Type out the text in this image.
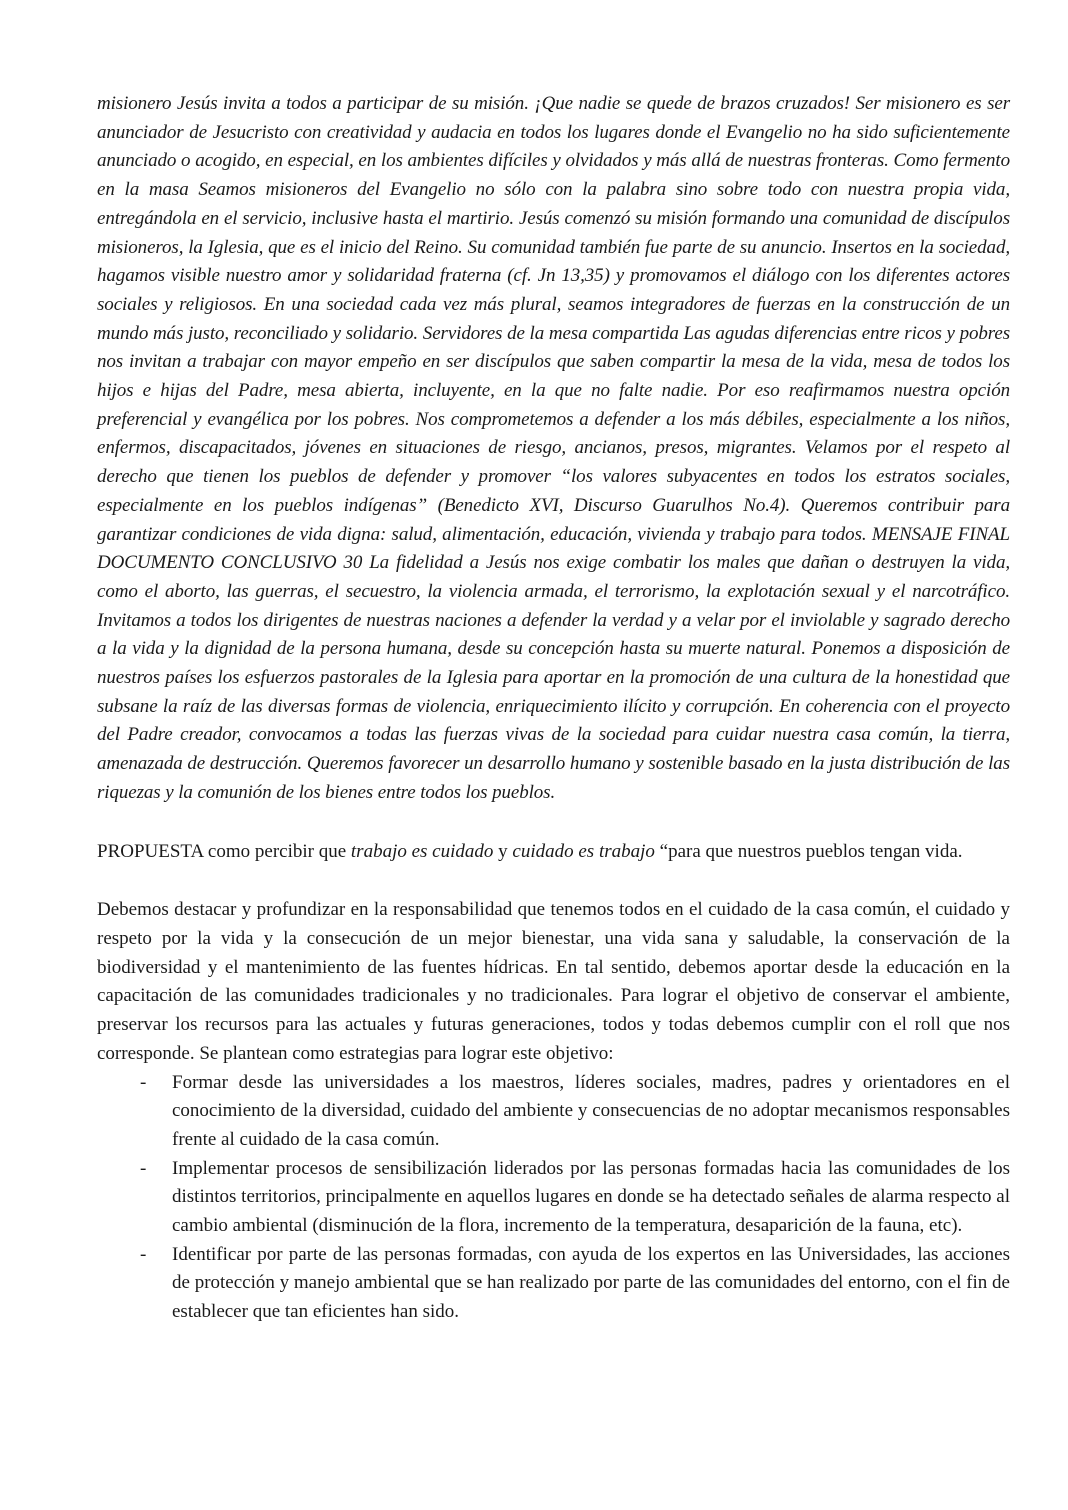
misionero Jesús invita a todos a participar de su misión. ¡Que nadie se quede de brazos cruzados! Ser misionero es ser anunciador de Jesucristo con creatividad y audacia en todos los lugares donde el Evangelio no ha sido suficientemente anunciado o acogido, en especial, en los ambientes difíciles y olvidados y más allá de nuestras fronteras. Como fermento en la masa Seamos misioneros del Evangelio no sólo con la palabra sino sobre todo con nuestra propia vida, entregándola en el servicio, inclusive hasta el martirio. Jesús comenzó su misión formando una comunidad de discípulos misioneros, la Iglesia, que es el inicio del Reino. Su comunidad también fue parte de su anuncio. Insertos en la sociedad, hagamos visible nuestro amor y solidaridad fraterna (cf. Jn 13,35) y promovamos el diálogo con los diferentes actores sociales y religiosos. En una sociedad cada vez más plural, seamos integradores de fuerzas en la construcción de un mundo más justo, reconciliado y solidario. Servidores de la mesa compartida Las agudas diferencias entre ricos y pobres nos invitan a trabajar con mayor empeño en ser discípulos que saben compartir la mesa de la vida, mesa de todos los hijos e hijas del Padre, mesa abierta, incluyente, en la que no falte nadie. Por eso reafirmamos nuestra opción preferencial y evangélica por los pobres. Nos comprometemos a defender a los más débiles, especialmente a los niños, enfermos, discapacitados, jóvenes en situaciones de riesgo, ancianos, presos, migrantes. Velamos por el respeto al derecho que tienen los pueblos de defender y promover “los valores subyacentes en todos los estratos sociales, especialmente en los pueblos indígenas” (Benedicto XVI, Discurso Guarulhos No.4). Queremos contribuir para garantizar condiciones de vida digna: salud, alimentación, educación, vivienda y trabajo para todos. MENSAJE FINAL DOCUMENTO CONCLUSIVO 30 La fidelidad a Jesús nos exige combatir los males que dañan o destruyen la vida, como el aborto, las guerras, el secuestro, la violencia armada, el terrorismo, la explotación sexual y el narcotráfico. Invitamos a todos los dirigentes de nuestras naciones a defender la verdad y a velar por el inviolable y sagrado derecho a la vida y la dignidad de la persona humana, desde su concepción hasta su muerte natural. Ponemos a disposición de nuestros países los esfuerzos pastorales de la Iglesia para aportar en la promoción de una cultura de la honestidad que subsane la raíz de las diversas formas de violencia, enriquecimiento ilícito y corrupción. En coherencia con el proyecto del Padre creador, convocamos a todas las fuerzas vivas de la sociedad para cuidar nuestra casa común, la tierra, amenazada de destrucción. Queremos favorecer un desarrollo humano y sostenible basado en la justa distribución de las riquezas y la comunión de los bienes entre todos los pueblos.

PROPUESTA como percibir que trabajo es cuidado y cuidado es trabajo “para que nuestros pueblos tengan vida.

Debemos destacar y profundizar en la responsabilidad que tenemos todos en el cuidado de la casa común, el cuidado y respeto por la vida y la consecución de un mejor bienestar, una vida sana y saludable, la conservación de la biodiversidad y el mantenimiento de las fuentes hídricas. En tal sentido, debemos aportar desde la educación en la capacitación de las comunidades tradicionales y no tradicionales. Para lograr el objetivo de conservar el ambiente, preservar los recursos para las actuales y futuras generaciones, todos y todas debemos cumplir con el roll que nos corresponde. Se plantean como estrategias para lograr este objetivo:

- Formar desde las universidades a los maestros, líderes sociales, madres, padres y orientadores en el conocimiento de la diversidad, cuidado del ambiente y consecuencias de no adoptar mecanismos responsables frente al cuidado de la casa común.
- Implementar procesos de sensibilización liderados por las personas formadas hacia las comunidades de los distintos territorios, principalmente en aquellos lugares en donde se ha detectado señales de alarma respecto al cambio ambiental (disminución de la flora, incremento de la temperatura, desaparición de la fauna, etc).
- Identificar por parte de las personas formadas, con ayuda de los expertos en las Universidades, las acciones de protección y manejo ambiental que se han realizado por parte de las comunidades del entorno, con el fin de establecer que tan eficientes han sido.
